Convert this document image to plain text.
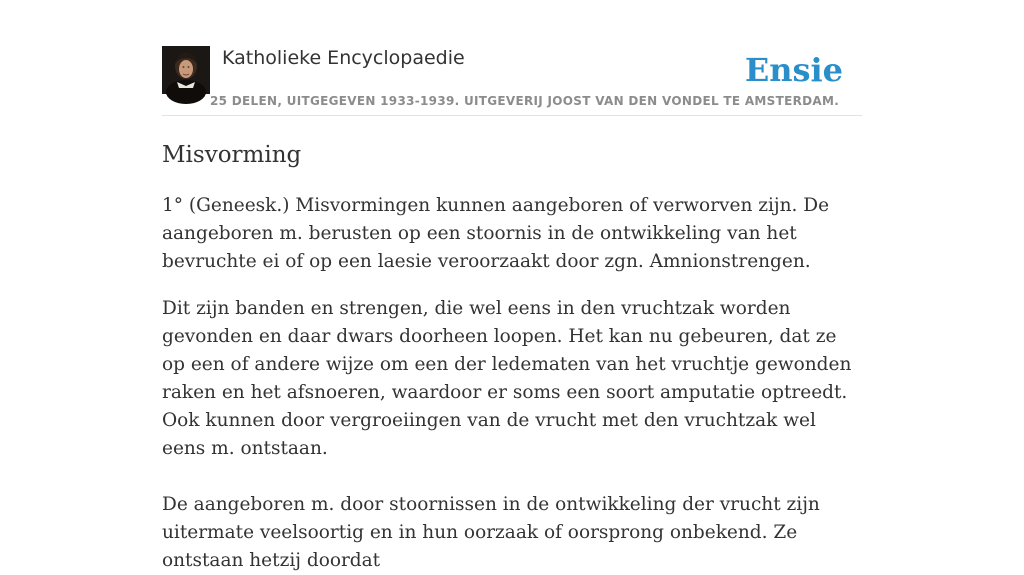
Katholieke Encyclopaedie
25 DELEN, UITGEGEVEN 1933-1939. UITGEVERIJ JOOST VAN DEN VONDEL TE AMSTERDAM.
Ensie
Misvorming

1° (Geneesk.) Misvormingen kunnen aangeboren of verworven zijn. De aangeboren m. berusten op een stoornis in de ontwikkeling van het bevruchte ei of op een laesie veroorzaakt door zgn. Amnionstrengen.

Dit zijn banden en strengen, die wel eens in den vruchtzak worden gevonden en daar dwars doorheen loopen. Het kan nu gebeuren, dat ze op een of andere wijze om een der ledematen van het vruchtje gewonden raken en het afsnoeren, waardoor er soms een soort amputatie optreedt. Ook kunnen door vergroeiingen van de vrucht met den vruchtzak wel eens m. ontstaan.

De aangeboren m. door stoornissen in de ontwikkeling der vrucht zijn uitermate veelsoortig en in hun oorzaak of oorsprong onbekend. Ze ontstaan hetzij doordat
